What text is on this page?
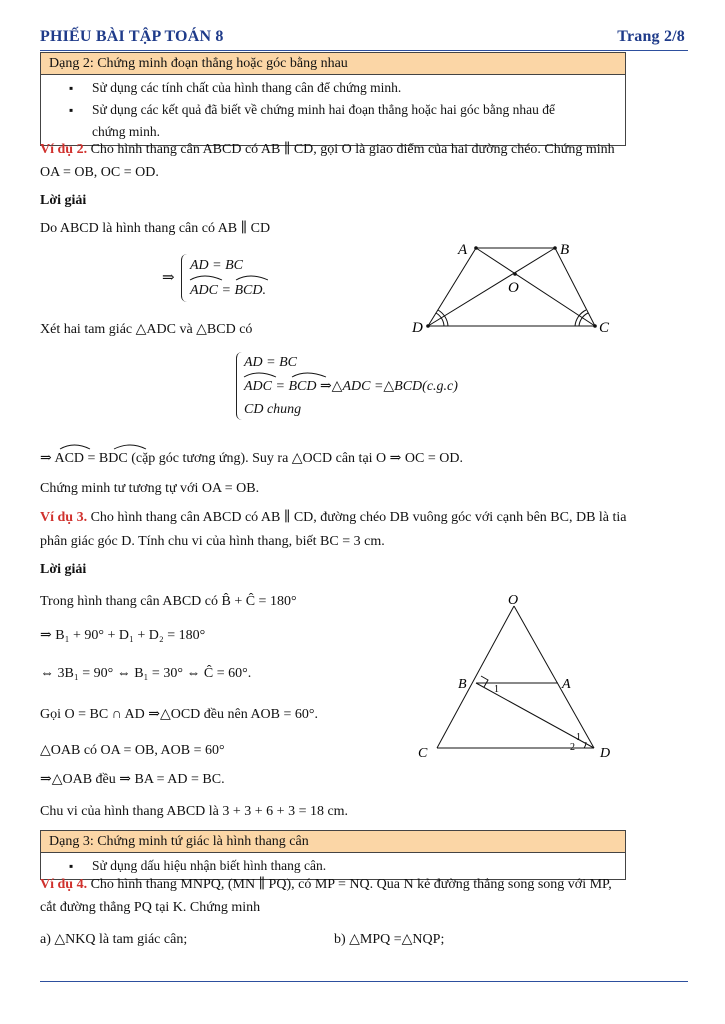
PHIẾU BÀI TẬP TOÁN 8	Trang 2/8
Dạng 2: Chứng minh đoạn thẳng hoặc góc bằng nhau
▪ Sử dụng các tính chất của hình thang cân để chứng minh.
▪ Sử dụng các kết quả đã biết về chứng minh hai đoạn thẳng hoặc hai góc bằng nhau để
chứng minh.
Ví dụ 2. Cho hình thang cân ABCD có AB ∥ CD, gọi O là giao điểm của hai đường chéo. Chứng minh
OA = OB, OC = OD.
Lời giải
Do ABCD là hình thang cân có AB ∥ CD
⇒
AD = BC
ADC = BCD.
Xét hai tam giác △ADC và △BCD có
AD = BC
ADC = BCD ⇒△ADC =△BCD(c.g.c)
CD chung
⇒ ACD = BDC (cặp góc tương ứng). Suy ra △OCD cân tại O ⇒ OC = OD.
Chứng minh tư tương tự với OA = OB.
A	B
D	C
O
Ví dụ 3. Cho hình thang cân ABCD có AB ∥ CD, đường chéo DB vuông góc với cạnh bên BC, DB là tia
phân giác góc D. Tính chu vi của hình thang, biết BC = 3 cm.
Lời giải
Trong hình thang cân ABCD có B̂ + Ĉ = 180°
⇒ B₁ + 90° + D₁ + D₂ = 180°
⇔ 3B₁ = 90° ⇔ B₁ = 30° ⇔ Ĉ = 60°.
Gọi O = BC ∩ AD ⇒△OCD đều nên AOB = 60°.
△OAB có OA = OB, AOB = 60°
⇒△OAB đều ⇒ BA = AD = BC.
Chu vi của hình thang ABCD là 3 + 3 + 6 + 3 = 18 cm.
O
B	A
C	D
1
1
2
Dạng 3: Chứng minh tứ giác là hình thang cân
▪ Sử dụng dấu hiệu nhận biết hình thang cân.
Ví dụ 4. Cho hình thang MNPQ, (MN ∥ PQ), có MP = NQ. Qua N kẻ đường thẳng song song với MP,
cắt đường thẳng PQ tại K. Chứng minh
a) △NKQ là tam giác cân;	b) △MPQ =△NQP;
